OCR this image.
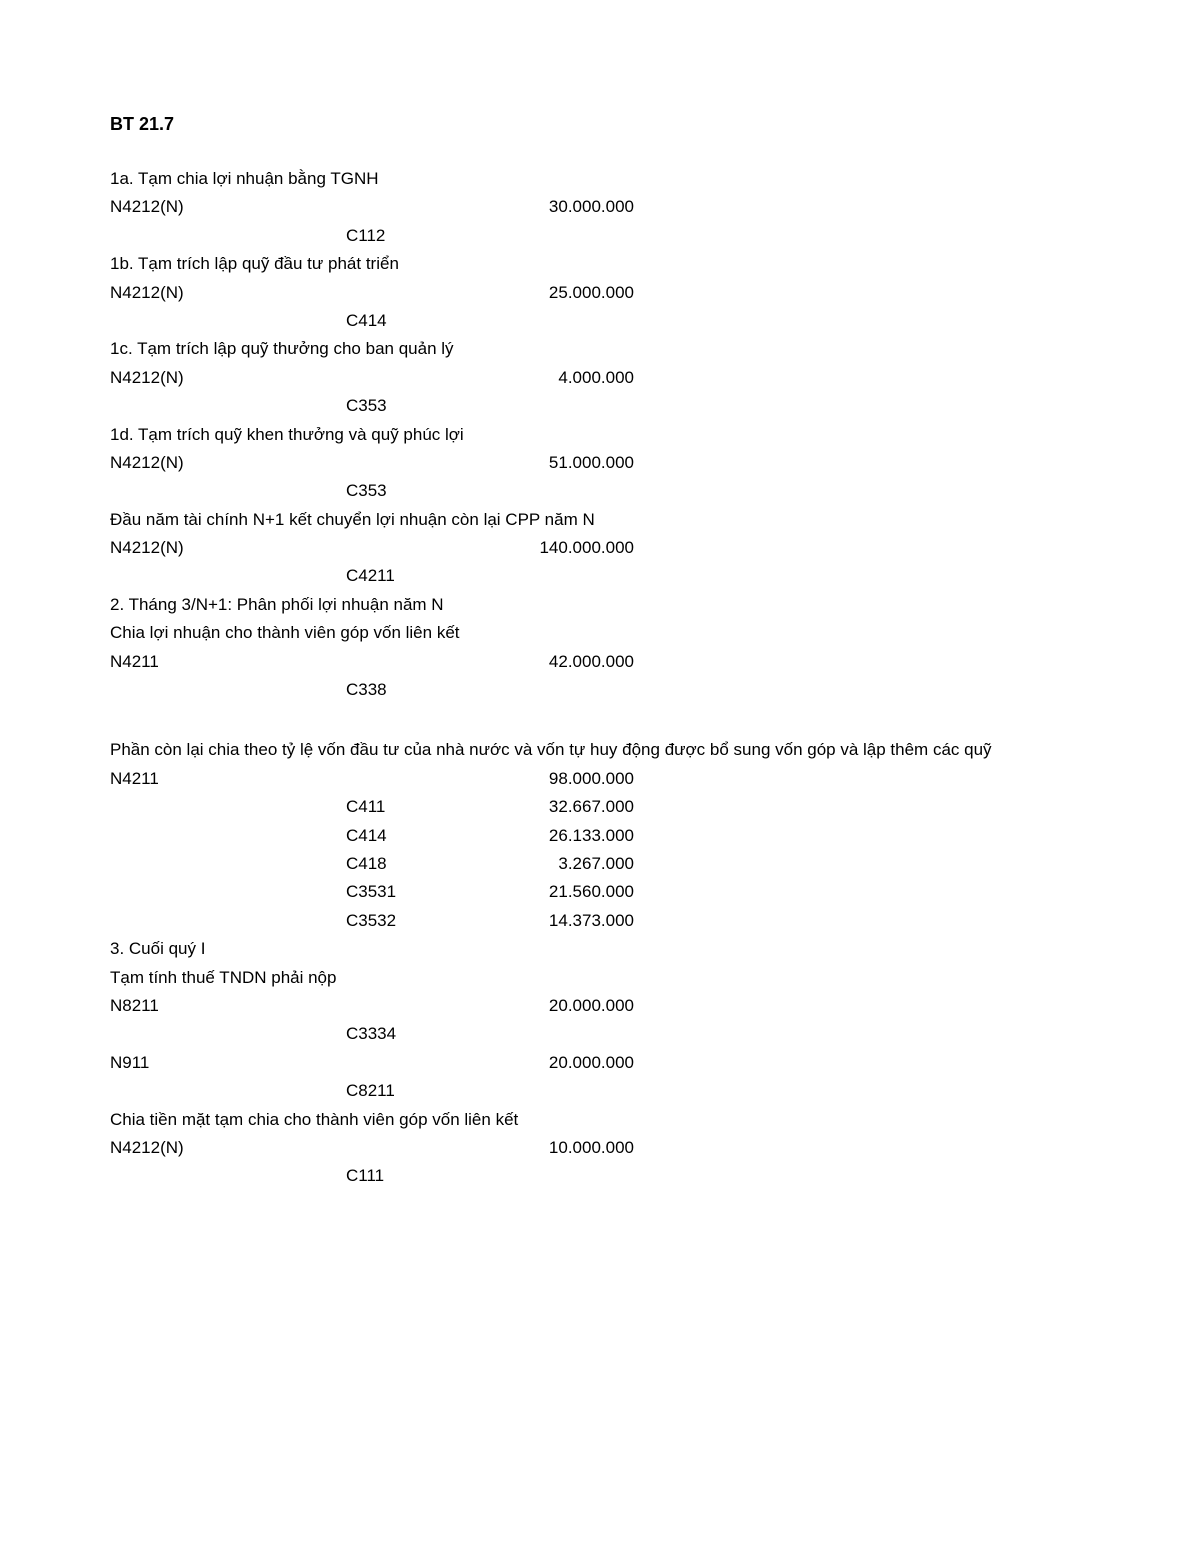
BT 21.7
1a. Tạm chia lợi nhuận bằng TGNH
N4212(N)	30.000.000
C112
1b. Tạm trích lập quỹ đầu tư phát triển
N4212(N)	25.000.000
C414
1c. Tạm trích lập quỹ thưởng cho ban quản lý
N4212(N)	4.000.000
C353
1d. Tạm trích quỹ khen thưởng và quỹ phúc lợi
N4212(N)	51.000.000
C353
Đầu năm tài chính N+1 kết chuyển lợi nhuận còn lại CPP năm N
N4212(N)	140.000.000
C4211
2. Tháng 3/N+1: Phân phối lợi nhuận năm N
Chia lợi nhuận cho thành viên góp vốn liên kết
N4211	42.000.000
C338
Phần còn lại chia theo tỷ lệ vốn đầu tư của nhà nước và vốn tự huy động được bổ sung vốn góp và lập thêm các quỹ
N4211	98.000.000
C411	32.667.000
C414	26.133.000
C418	3.267.000
C3531	21.560.000
C3532	14.373.000
3. Cuối quý I
Tạm tính thuế TNDN phải nộp
N8211	20.000.000
C3334
N911	20.000.000
C8211
Chia tiền mặt tạm chia cho thành viên góp vốn liên kết
N4212(N)	10.000.000
C111
